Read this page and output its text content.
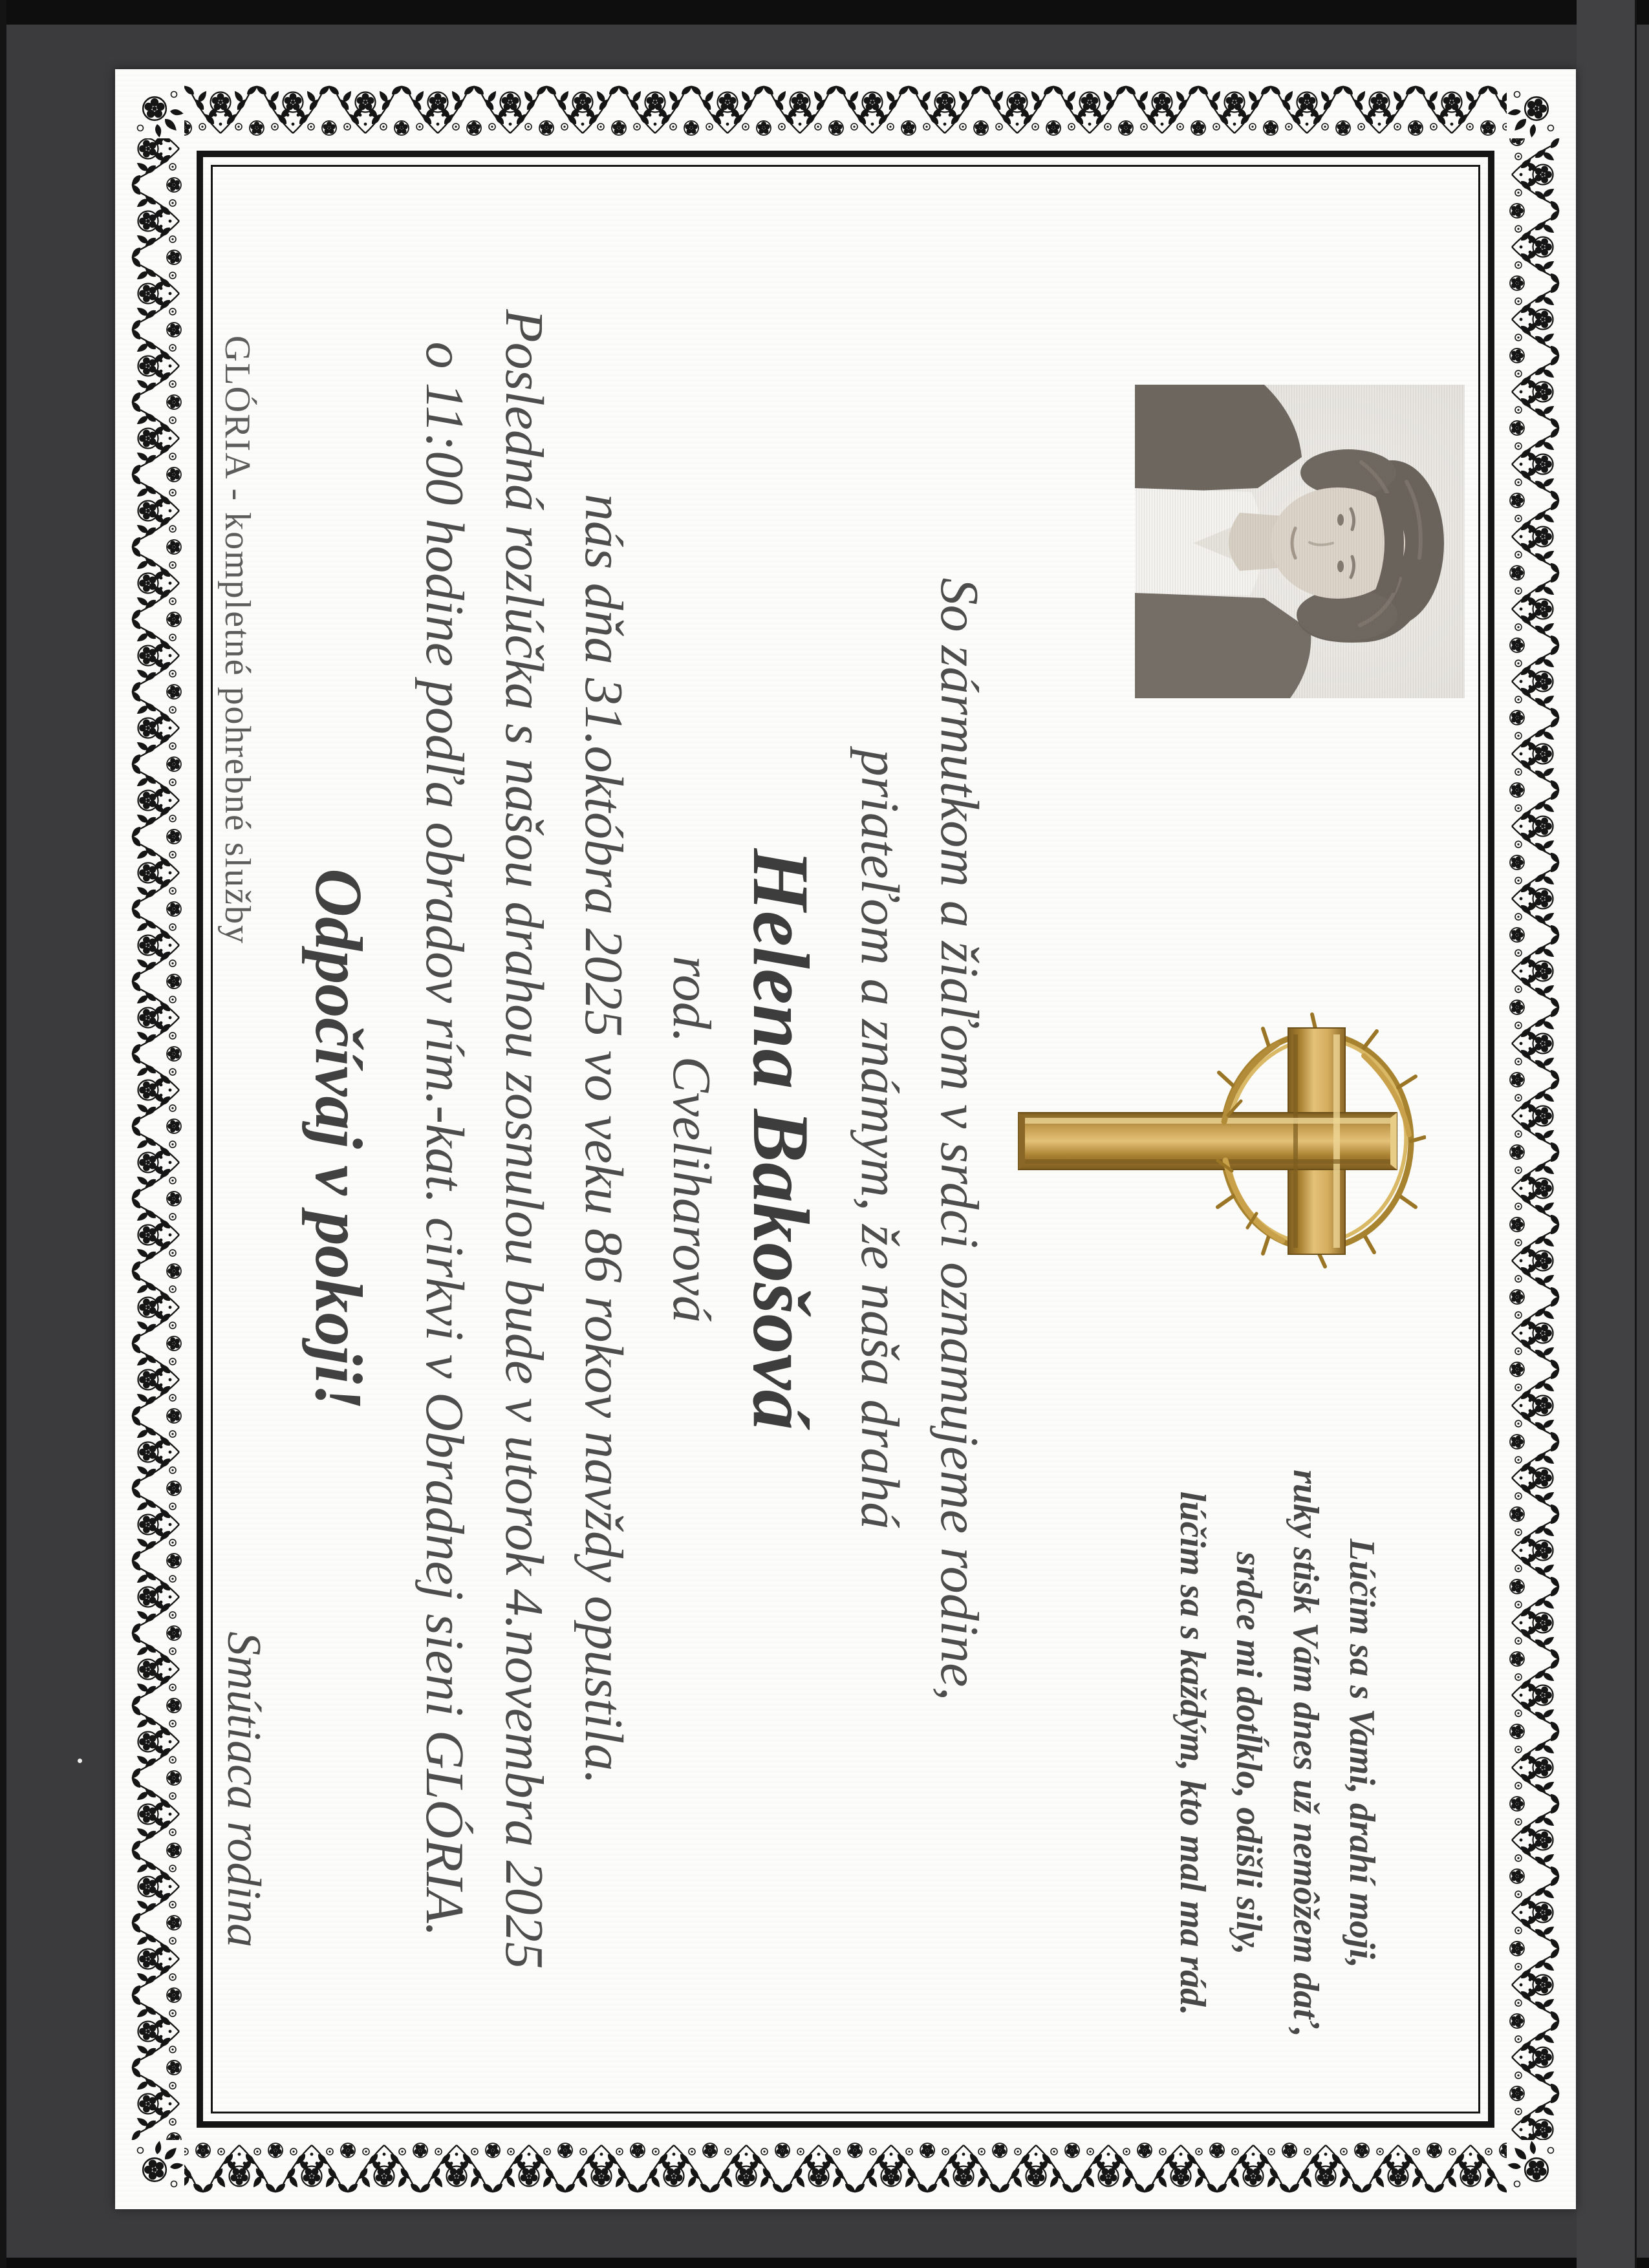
Lúčim sa s Vami, drahí moji,
ruky stisk Vám dnes už nemôžem dať,
srdce mi dotĺklo, odišli sily,
lúčim sa s každým, kto mal ma rád.
So zármutkom a žiaľom v srdci oznamujeme rodine,
priateľom a známym, že naša drahá
Helena Bakošová
rod. Cveliharová
nás dňa 31.októbra 2025 vo veku 86 rokov navždy opustila.
Posledná rozlúčka s našou drahou zosnulou bude v utorok 4.novembra 2025
o 11:00 hodine podľa obradov rím.-kat. cirkvi v Obradnej sieni GLÓRIA.
Odpočívaj v pokoji!
GLÓRIA - kompletné pohrebné služby
Smútiaca rodina
